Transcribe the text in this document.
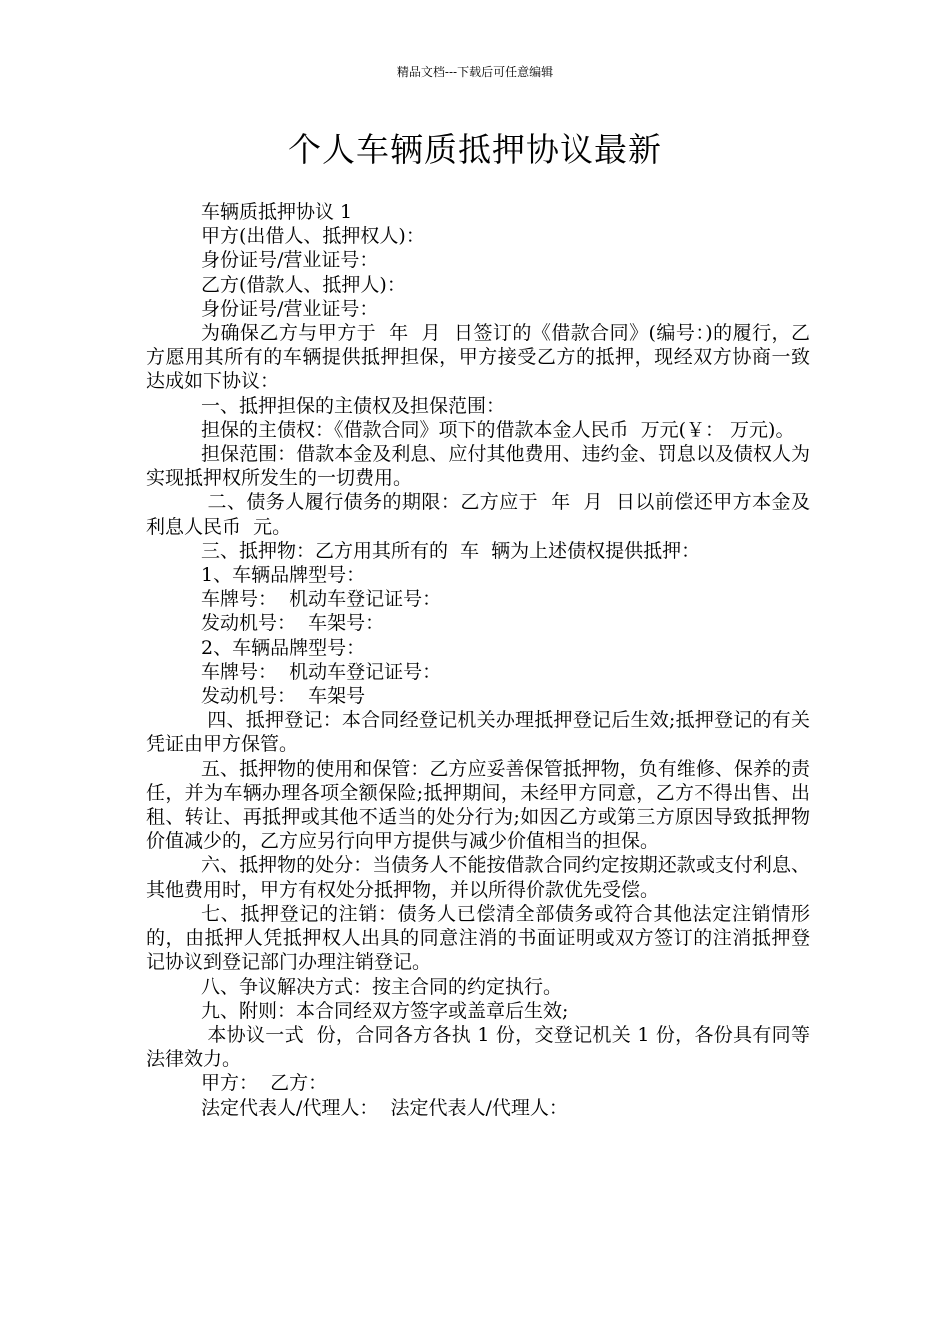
精品文档---下载后可任意编辑
个人车辆质抵押协议最新

车辆质抵押协议 1

甲方(出借人、抵押权人)：

身份证号/营业证号：

乙方(借款人、抵押人)：

身份证号/营业证号：

为确保乙方与甲方于  年  月  日签订的《借款合同》(编号：)的履行，乙方愿用其所有的车辆提供抵押担保，甲方接受乙方的抵押，现经双方协商一致达成如下协议：

一、抵押担保的主债权及担保范围：

担保的主债权：《借款合同》项下的借款本金人民币  万元(￥： 万元)。

担保范围：借款本金及利息、应付其他费用、违约金、罚息以及债权人为实现抵押权所发生的一切费用。

二、债务人履行债务的期限：乙方应于  年  月  日以前偿还甲方本金及利息人民币  元。

三、抵押物：乙方用其所有的  车  辆为上述债权提供抵押：

1、车辆品牌型号：

车牌号：  机动车登记证号：

发动机号：  车架号：

2、车辆品牌型号：

车牌号：  机动车登记证号：

发动机号：  车架号

四、抵押登记：本合同经登记机关办理抵押登记后生效;抵押登记的有关凭证由甲方保管。

五、抵押物的使用和保管：乙方应妥善保管抵押物，负有维修、保养的责任，并为车辆办理各项全额保险;抵押期间，未经甲方同意，乙方不得出售、出租、转让、再抵押或其他不适当的处分行为;如因乙方或第三方原因导致抵押物价值减少的，乙方应另行向甲方提供与减少价值相当的担保。

六、抵押物的处分：当债务人不能按借款合同约定按期还款或支付利息、其他费用时，甲方有权处分抵押物，并以所得价款优先受偿。

七、抵押登记的注销：债务人已偿清全部债务或符合其他法定注销情形的，由抵押人凭抵押权人出具的同意注消的书面证明或双方签订的注消抵押登记协议到登记部门办理注销登记。

八、争议解决方式：按主合同的约定执行。

九、附则：本合同经双方签字或盖章后生效;

本协议一式  份，合同各方各执 1 份，交登记机关 1 份，各份具有同等法律效力。

甲方：  乙方：

法定代表人/代理人：  法定代表人/代理人：
